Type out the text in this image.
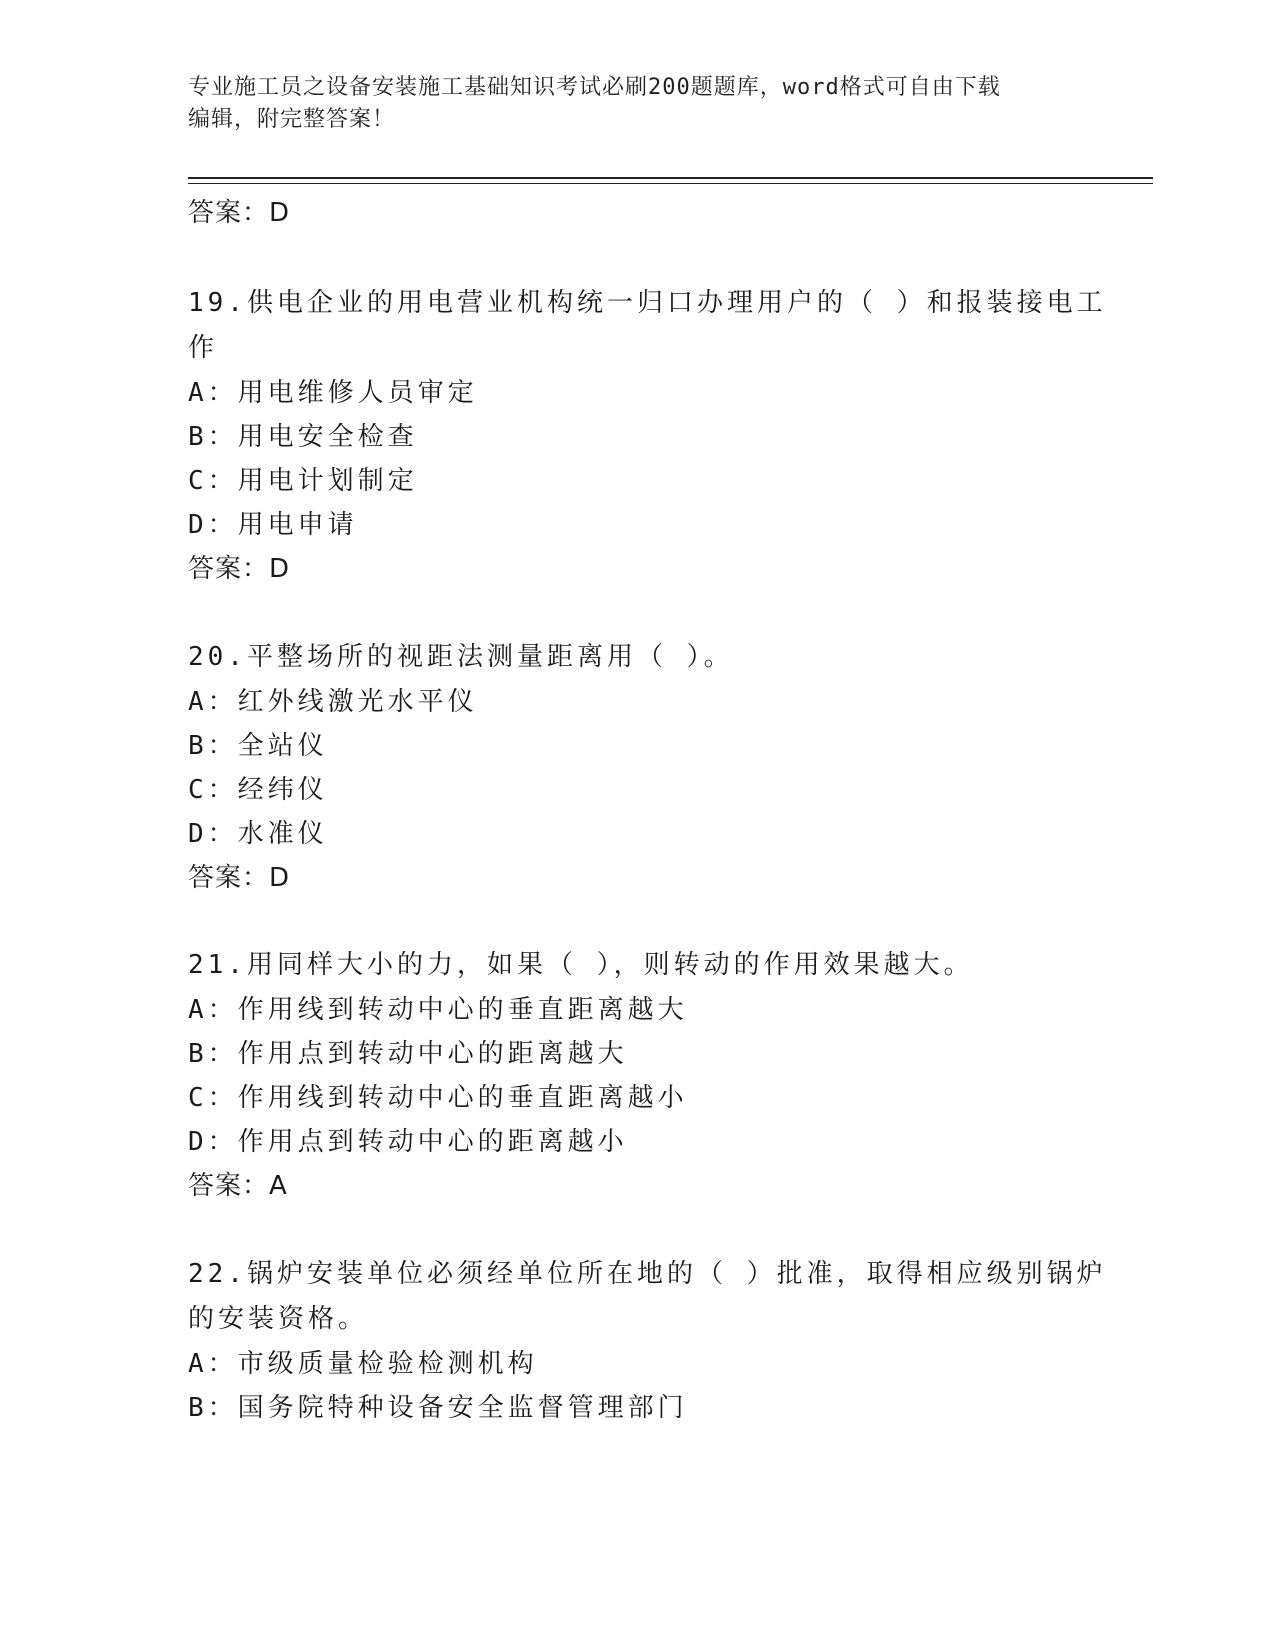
专业施工员之设备安装施工基础知识考试必刷200题题库，word格式可自由下载
编辑，附完整答案！
答案：D
19.供电企业的用电营业机构统一归口办理用户的（ ）和报装接电工
作
A：用电维修人员审定
B：用电安全检查
C：用电计划制定
D：用电申请
答案：D
20.平整场所的视距法测量距离用（ ）。
A：红外线激光水平仪
B：全站仪
C：经纬仪
D：水准仪
答案：D
21.用同样大小的力，如果（ ），则转动的作用效果越大。
A：作用线到转动中心的垂直距离越大
B：作用点到转动中心的距离越大
C：作用线到转动中心的垂直距离越小
D：作用点到转动中心的距离越小
答案：A
22.锅炉安装单位必须经单位所在地的（ ）批准，取得相应级别锅炉
的安装资格。
A：市级质量检验检测机构
B：国务院特种设备安全监督管理部门
